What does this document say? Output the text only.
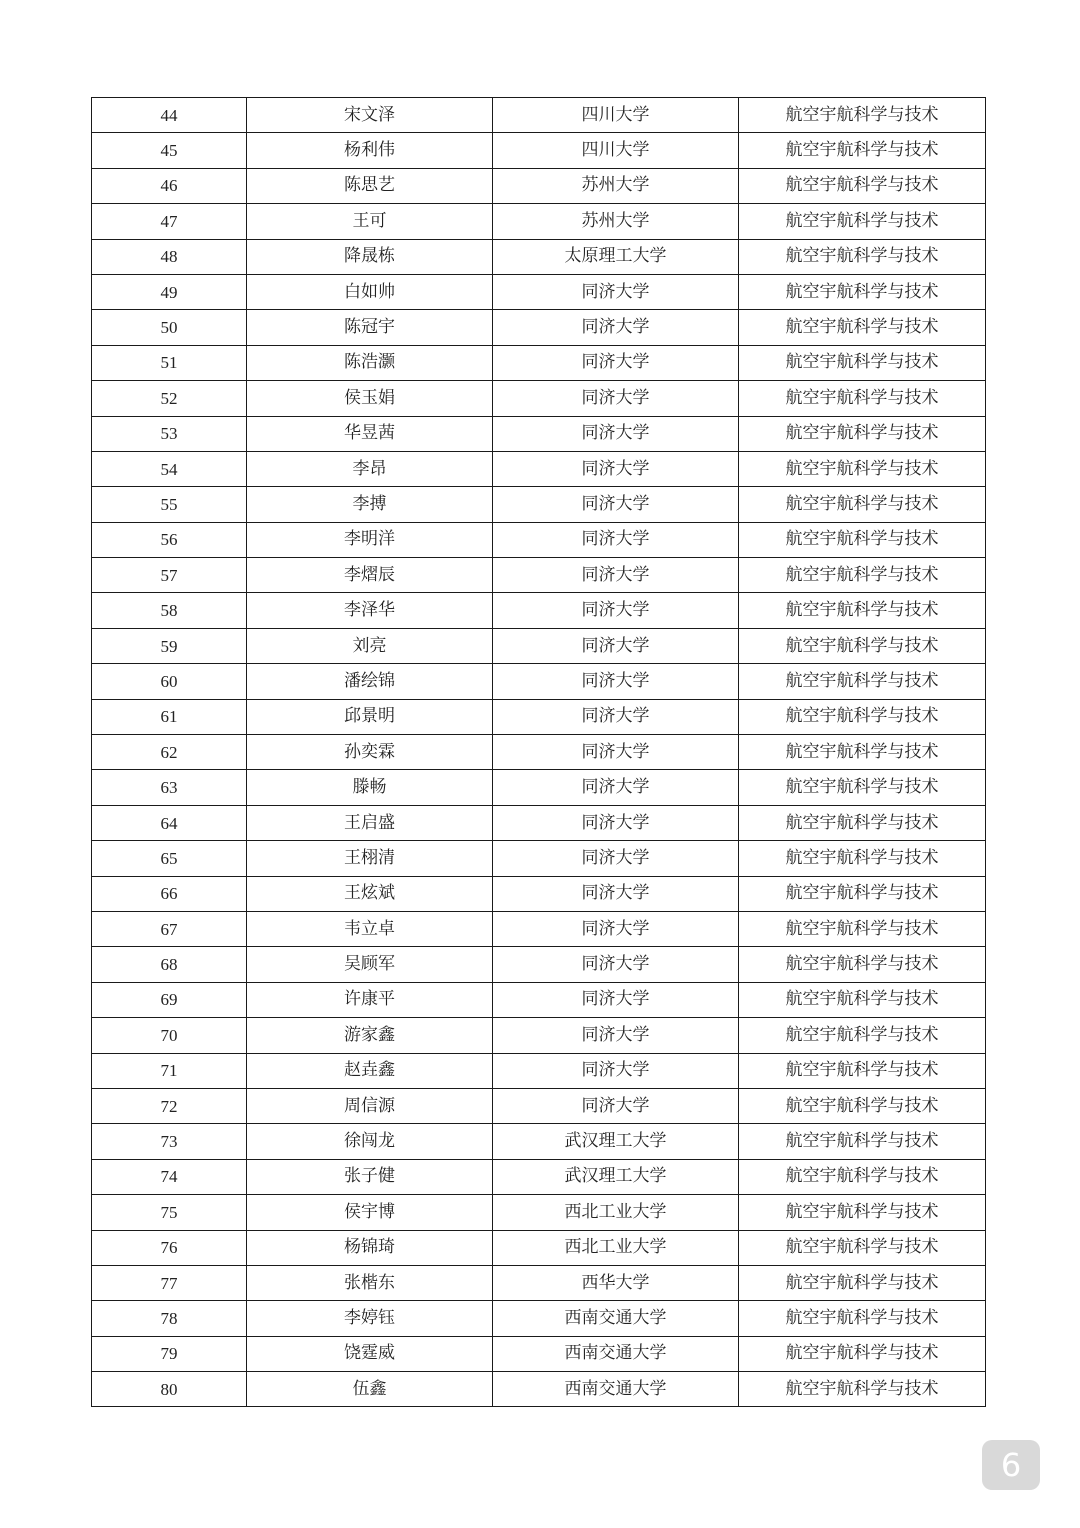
44	宋文泽	四川大学	航空宇航科学与技术
45	杨利伟	四川大学	航空宇航科学与技术
46	陈思艺	苏州大学	航空宇航科学与技术
47	王可	苏州大学	航空宇航科学与技术
48	降晟栋	太原理工大学	航空宇航科学与技术
49	白如帅	同济大学	航空宇航科学与技术
50	陈冠宇	同济大学	航空宇航科学与技术
51	陈浩灏	同济大学	航空宇航科学与技术
52	侯玉娟	同济大学	航空宇航科学与技术
53	华昱茜	同济大学	航空宇航科学与技术
54	李昂	同济大学	航空宇航科学与技术
55	李搏	同济大学	航空宇航科学与技术
56	李明洋	同济大学	航空宇航科学与技术
57	李熠辰	同济大学	航空宇航科学与技术
58	李泽华	同济大学	航空宇航科学与技术
59	刘亮	同济大学	航空宇航科学与技术
60	潘绘锦	同济大学	航空宇航科学与技术
61	邱景明	同济大学	航空宇航科学与技术
62	孙奕霖	同济大学	航空宇航科学与技术
63	滕畅	同济大学	航空宇航科学与技术
64	王启盛	同济大学	航空宇航科学与技术
65	王栩清	同济大学	航空宇航科学与技术
66	王炫斌	同济大学	航空宇航科学与技术
67	韦立卓	同济大学	航空宇航科学与技术
68	吴顾军	同济大学	航空宇航科学与技术
69	许康平	同济大学	航空宇航科学与技术
70	游家鑫	同济大学	航空宇航科学与技术
71	赵垚鑫	同济大学	航空宇航科学与技术
72	周信源	同济大学	航空宇航科学与技术
73	徐闯龙	武汉理工大学	航空宇航科学与技术
74	张子健	武汉理工大学	航空宇航科学与技术
75	侯宇博	西北工业大学	航空宇航科学与技术
76	杨锦琦	西北工业大学	航空宇航科学与技术
77	张楷东	西华大学	航空宇航科学与技术
78	李婷钰	西南交通大学	航空宇航科学与技术
79	饶霆威	西南交通大学	航空宇航科学与技术
80	伍鑫	西南交通大学	航空宇航科学与技术
6
